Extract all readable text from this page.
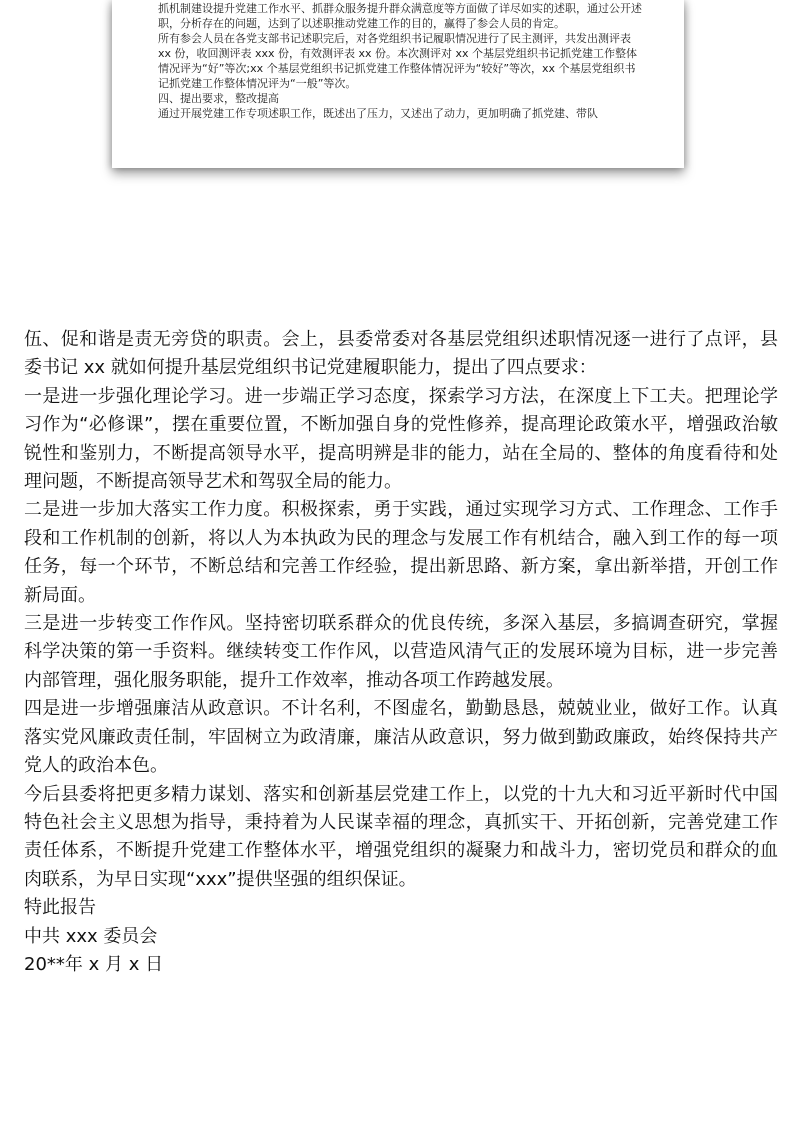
抓机制建设提升党建工作水平、抓群众服务提升群众满意度等方面做了详尽如实的述职，通过公开述职，分析存在的问题，达到了以述职推动党建工作的目的，赢得了参会人员的肯定。

所有参会人员在各党支部书记述职完后，对各党组织书记履职情况进行了民主测评，共发出测评表 xx 份，收回测评表 xxx 份，有效测评表 xx 份。本次测评对 xx 个基层党组织书记抓党建工作整体情况评为“好”等次;xx 个基层党组织书记抓党建工作整体情况评为“较好”等次，xx 个基层党组织书记抓党建工作整体情况评为“一般”等次。

四、提出要求，整改提高

通过开展党建工作专项述职工作，既述出了压力，又述出了动力，更加明确了抓党建、带队

伍、促和谐是责无旁贷的职责。会上，县委常委对各基层党组织述职情况逐一进行了点评，县委书记 xx 就如何提升基层党组织书记党建履职能力，提出了四点要求：

一是进一步强化理论学习。进一步端正学习态度，探索学习方法，在深度上下工夫。把理论学习作为“必修课”，摆在重要位置，不断加强自身的党性修养，提高理论政策水平，增强政治敏锐性和鉴别力，不断提高领导水平，提高明辨是非的能力，站在全局的、整体的角度看待和处理问题，不断提高领导艺术和驾驭全局的能力。

二是进一步加大落实工作力度。积极探索，勇于实践，通过实现学习方式、工作理念、工作手段和工作机制的创新，将以人为本执政为民的理念与发展工作有机结合，融入到工作的每一项任务，每一个环节，不断总结和完善工作经验，提出新思路、新方案，拿出新举措，开创工作新局面。

三是进一步转变工作作风。坚持密切联系群众的优良传统，多深入基层，多搞调查研究，掌握科学决策的第一手资料。继续转变工作作风，以营造风清气正的发展环境为目标，进一步完善内部管理，强化服务职能，提升工作效率，推动各项工作跨越发展。

四是进一步增强廉洁从政意识。不计名利，不图虚名，勤勤恳恳，兢兢业业，做好工作。认真落实党风廉政责任制，牢固树立为政清廉，廉洁从政意识，努力做到勤政廉政，始终保持共产党人的政治本色。

今后县委将把更多精力谋划、落实和创新基层党建工作上，以党的十九大和习近平新时代中国特色社会主义思想为指导，秉持着为人民谋幸福的理念，真抓实干、开拓创新，完善党建工作责任体系，不断提升党建工作整体水平，增强党组织的凝聚力和战斗力，密切党员和群众的血肉联系，为早日实现“xxx”提供坚强的组织保证。

特此报告

中共 xxx 委员会

20**年 x 月 x 日
